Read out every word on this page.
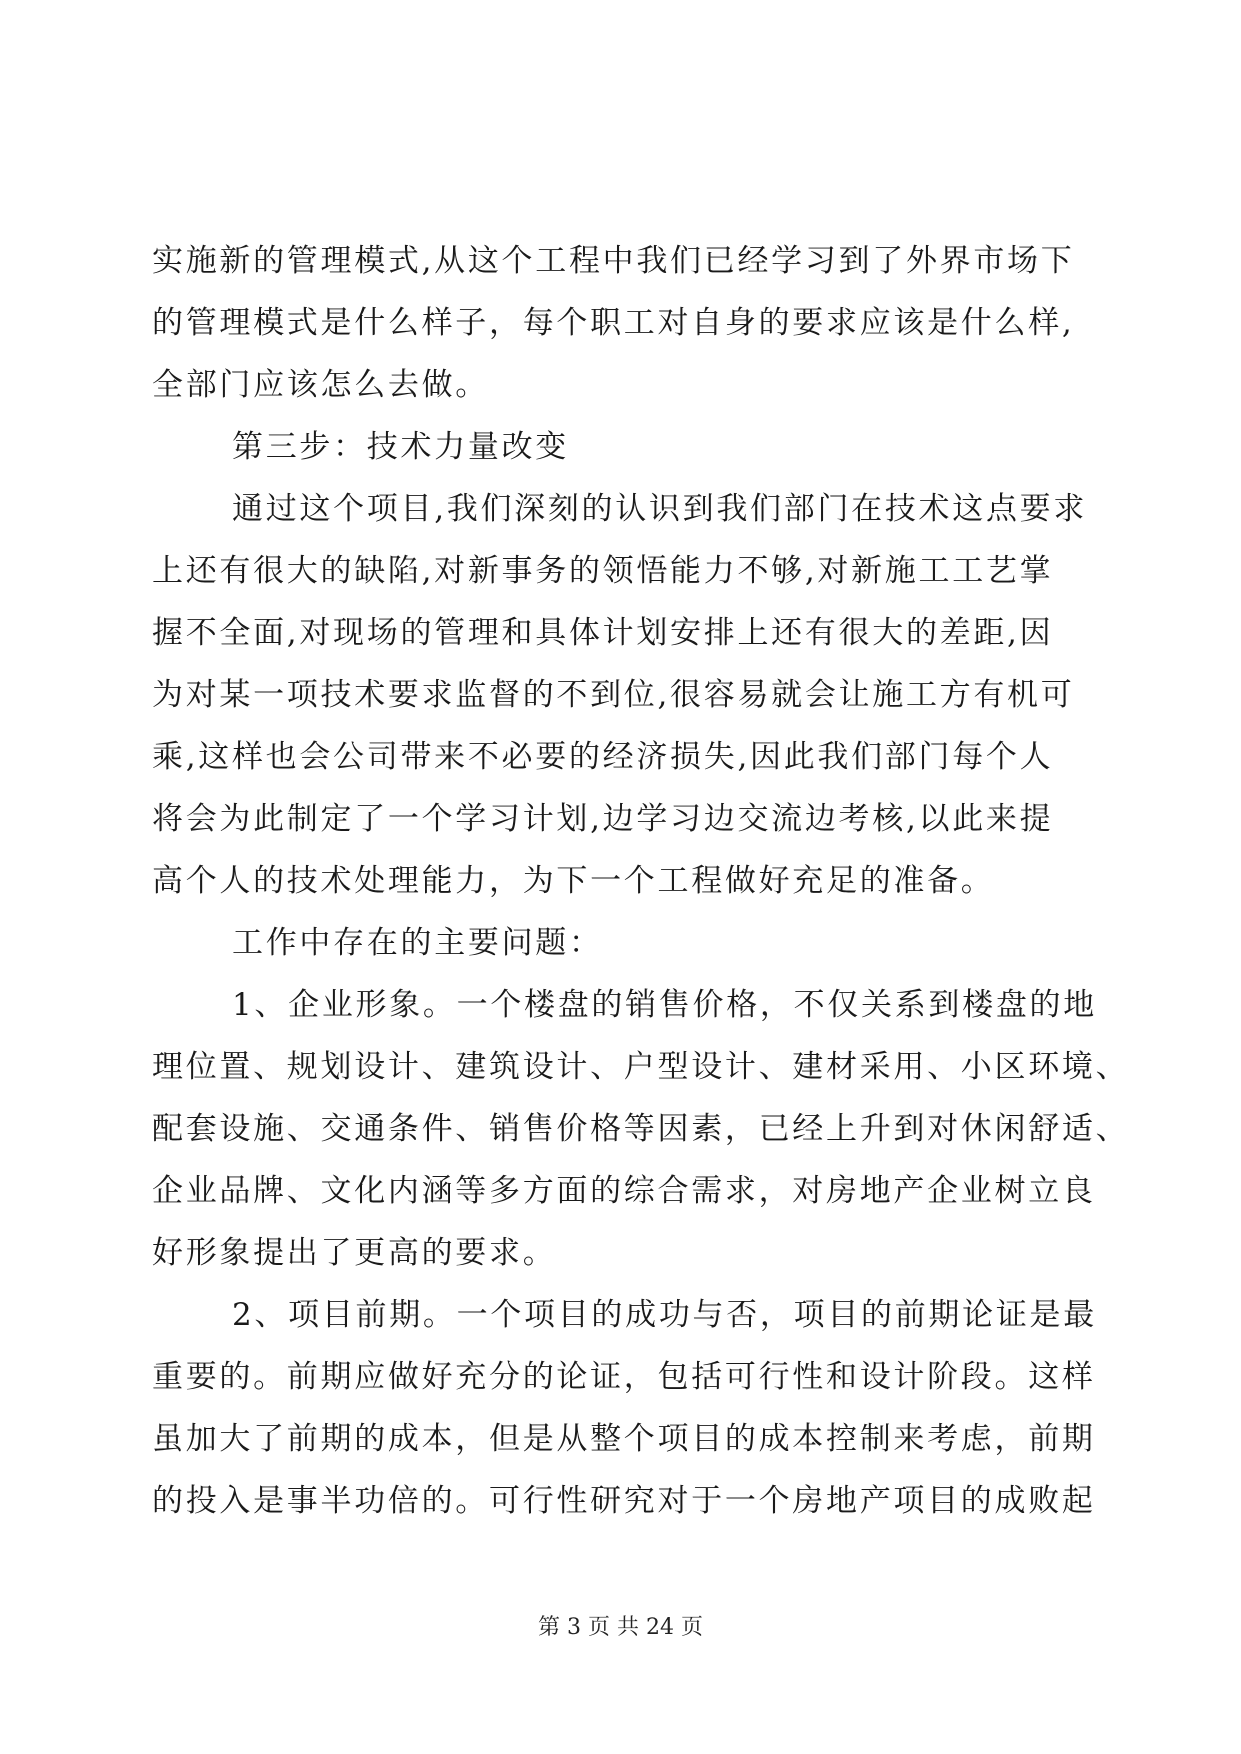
实施新的管理模式,从这个工程中我们已经学习到了外界市场下
的管理模式是什么样子，每个职工对自身的要求应该是什么样,
全部门应该怎么去做。
第三步：技术力量改变
通过这个项目,我们深刻的认识到我们部门在技术这点要求
上还有很大的缺陷,对新事务的领悟能力不够,对新施工工艺掌
握不全面,对现场的管理和具体计划安排上还有很大的差距,因
为对某一项技术要求监督的不到位,很容易就会让施工方有机可
乘,这样也会公司带来不必要的经济损失,因此我们部门每个人
将会为此制定了一个学习计划,边学习边交流边考核,以此来提
高个人的技术处理能力，为下一个工程做好充足的准备。
工作中存在的主要问题：
1、企业形象。一个楼盘的销售价格，不仅关系到楼盘的地
理位置、规划设计、建筑设计、户型设计、建材采用、小区环境、
配套设施、交通条件、销售价格等因素，已经上升到对休闲舒适、
企业品牌、文化内涵等多方面的综合需求，对房地产企业树立良
好形象提出了更高的要求。
2、项目前期。一个项目的成功与否，项目的前期论证是最
重要的。前期应做好充分的论证，包括可行性和设计阶段。这样
虽加大了前期的成本，但是从整个项目的成本控制来考虑，前期
的投入是事半功倍的。可行性研究对于一个房地产项目的成败起
第 3 页 共 24 页
